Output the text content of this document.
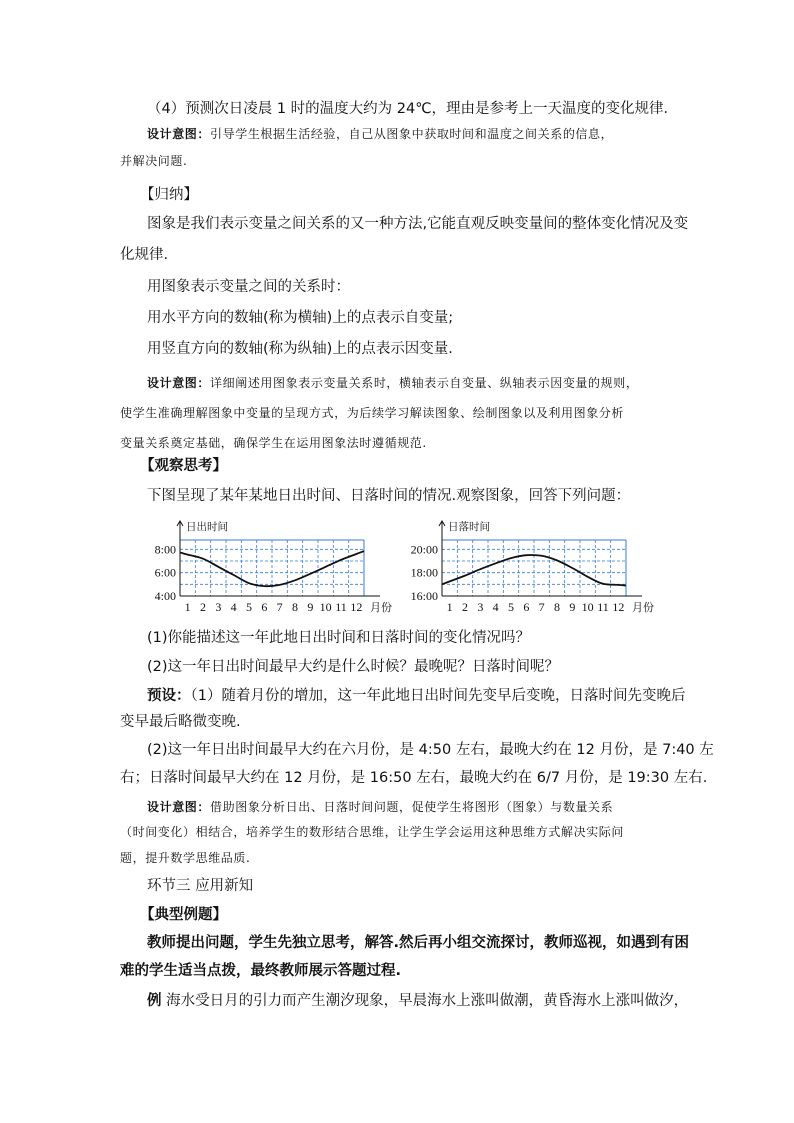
（4）预测次日凌晨 1 时的温度大约为 24℃，理由是参考上一天温度的变化规律．
设计意图：引导学生根据生活经验，自己从图象中获取时间和温度之间关系的信息，
并解决问题.
【归纳】
图象是我们表示变量之间关系的又一种方法,它能直观反映变量间的整体变化情况及变
化规律.
用图象表示变量之间的关系时：
用水平方向的数轴(称为横轴)上的点表示自变量;
用竖直方向的数轴(称为纵轴)上的点表示因变量.
设计意图：详细阐述用图象表示变量关系时，横轴表示自变量、纵轴表示因变量的规则，
使学生准确理解图象中变量的呈现方式，为后续学习解读图象、绘制图象以及利用图象分析
变量关系奠定基础，确保学生在运用图象法时遵循规范.
【观察思考】
下图呈现了某年某地日出时间、日落时间的情况.观察图象，回答下列问题：
日出时间
4:00
6:00
8:00
1 2 3 4 5 6 7 8 9 10 11 12 月份
日落时间
16:00
18:00
20:00
1 2 3 4 5 6 7 8 9 10 11 12 月份
(1)你能描述这一年此地日出时间和日落时间的变化情况吗？
(2)这一年日出时间最早大约是什么时候？最晚呢？日落时间呢？
预设：（1）随着月份的增加，这一年此地日出时间先变早后变晚，日落时间先变晚后
变早最后略微变晚.
(2)这一年日出时间最早大约在六月份，是 4:50 左右，最晚大约在 12 月份，是 7:40 左
右；日落时间最早大约在 12 月份，是 16:50 左右，最晚大约在 6/7 月份，是 19:30 左右.
设计意图：借助图象分析日出、日落时间问题，促使学生将图形（图象）与数量关系
（时间变化）相结合，培养学生的数形结合思维，让学生学会运用这种思维方式解决实际问
题，提升数学思维品质.
环节三 应用新知
【典型例题】
教师提出问题，学生先独立思考，解答.然后再小组交流探讨，教师巡视，如遇到有困
难的学生适当点拨，最终教师展示答题过程.
例 海水受日月的引力而产生潮汐现象，早晨海水上涨叫做潮，黄昏海水上涨叫做汐，
